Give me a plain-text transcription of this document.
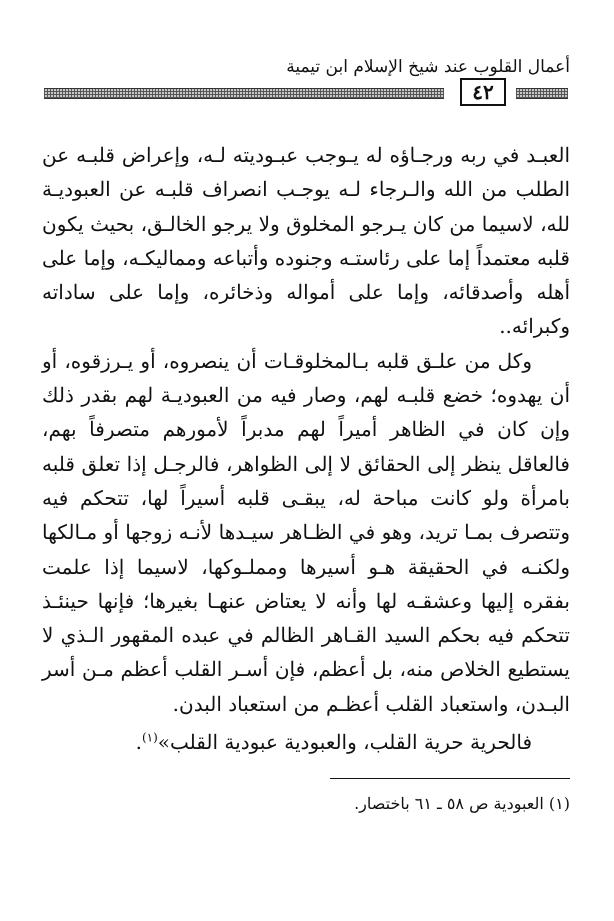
أعمال القلوب عند شيخ الإسلام ابن تيمية
٤٢

العبـد في ربه ورجـاؤه له يـوجب عبـوديته لـه، وإعراض قلبـه عن الطلب من الله والـرجاء لـه يوجـب انصراف قلبـه عن العبوديـة لله، لاسيما من كان يـرجو المخلوق ولا يرجو الخالـق، بحيث يكون قلبه معتمداً إما على رئاستـه وجنوده وأتباعه ومماليكـه، وإما على أهله وأصدقائه، وإما على أمواله وذخائره، وإما على ساداته وكبرائه..

وكل من علـق قلبه بـالمخلوقـات أن ينصروه، أو يـرزقوه، أو أن يهدوه؛ خضع قلبـه لهم، وصار فيه من العبوديـة لهم بقدر ذلك وإن كان في الظاهر أميراً لهم مدبراً لأمورهم متصرفاً بهم، فالعاقل ينظر إلى الحقائق لا إلى الظواهر، فالرجـل إذا تعلق قلبه بامرأة ولو كانت مباحة له، يبقـى قلبه أسيراً لها، تتحكم فيه وتتصرف بمـا تريد، وهو في الظـاهر سيـدها لأنـه زوجها أو مـالكها ولكنـه في الحقيقة هـو أسيرها ومملـوكها، لاسيما إذا علمت بفقره إليها وعشقـه لها وأنه لا يعتاض عنهـا بغيرها؛ فإنها حينئـذ تتحكم فيه بحكم السيد القـاهر الظالم في عبده المقهور الـذي لا يستطيع الخلاص منه، بل أعظم، فإن أسـر القلب أعظم مـن أسر البـدن، واستعباد القلب أعظـم من استعباد البدن.

فالحرية حرية القلب، والعبودية عبودية القلب»$^{(١)}$.

(١) العبودية ص ٥٨ ـ ٦١ باختصار.
